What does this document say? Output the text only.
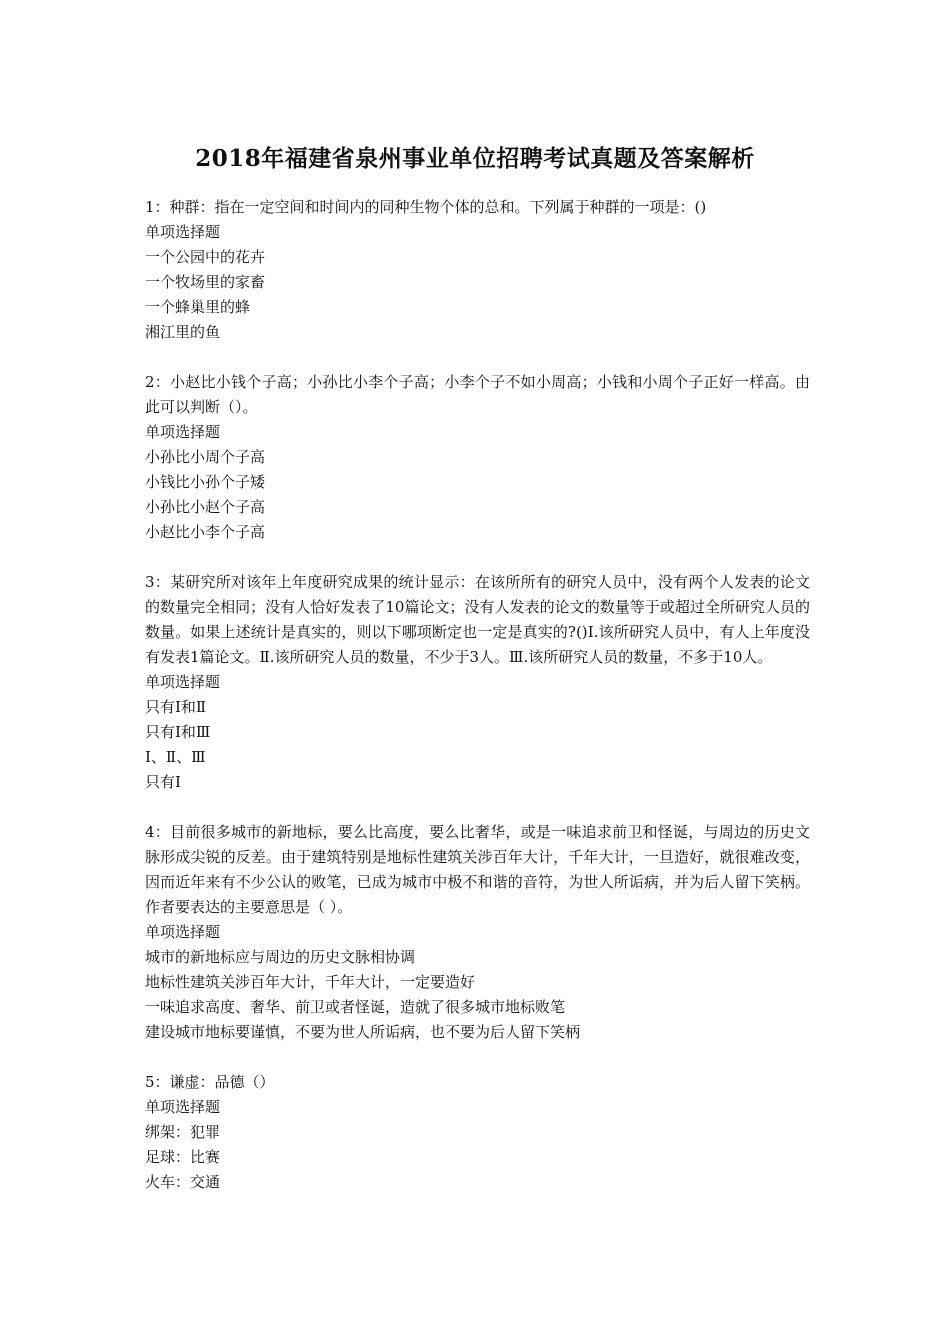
2018年福建省泉州事业单位招聘考试真题及答案解析
1：种群：指在一定空间和时间内的同种生物个体的总和。下列属于种群的一项是：()
单项选择题
一个公园中的花卉
一个牧场里的家畜
一个蜂巢里的蜂
湘江里的鱼
2：小赵比小钱个子高；小孙比小李个子高；小李个子不如小周高；小钱和小周个子正好一样高。由此可以判断（）。
单项选择题
小孙比小周个子高
小钱比小孙个子矮
小孙比小赵个子高
小赵比小李个子高
3：某研究所对该年上年度研究成果的统计显示：在该所所有的研究人员中，没有两个人发表的论文的数量完全相同；没有人恰好发表了10篇论文；没有人发表的论文的数量等于或超过全所研究人员的数量。如果上述统计是真实的，则以下哪项断定也一定是真实的?()Ⅰ.该所研究人员中，有人上年度没有发表1篇论文。Ⅱ.该所研究人员的数量，不少于3人。Ⅲ.该所研究人员的数量，不多于10人。
单项选择题
只有Ⅰ和Ⅱ
只有Ⅰ和Ⅲ
Ⅰ、Ⅱ、Ⅲ
只有Ⅰ
4：目前很多城市的新地标，要么比高度，要么比奢华，或是一味追求前卫和怪诞，与周边的历史文脉形成尖锐的反差。由于建筑特别是地标性建筑关涉百年大计，千年大计，一旦造好，就很难改变，因而近年来有不少公认的败笔，已成为城市中极不和谐的音符，为世人所诟病，并为后人留下笑柄。作者要表达的主要意思是（ ）。
单项选择题
城市的新地标应与周边的历史文脉相协调
地标性建筑关涉百年大计，千年大计，一定要造好
一味追求高度、奢华、前卫或者怪诞，造就了很多城市地标败笔
建设城市地标要谨慎，不要为世人所诟病，也不要为后人留下笑柄
5：谦虚：品德（）
单项选择题
绑架：犯罪
足球：比赛
火车：交通
